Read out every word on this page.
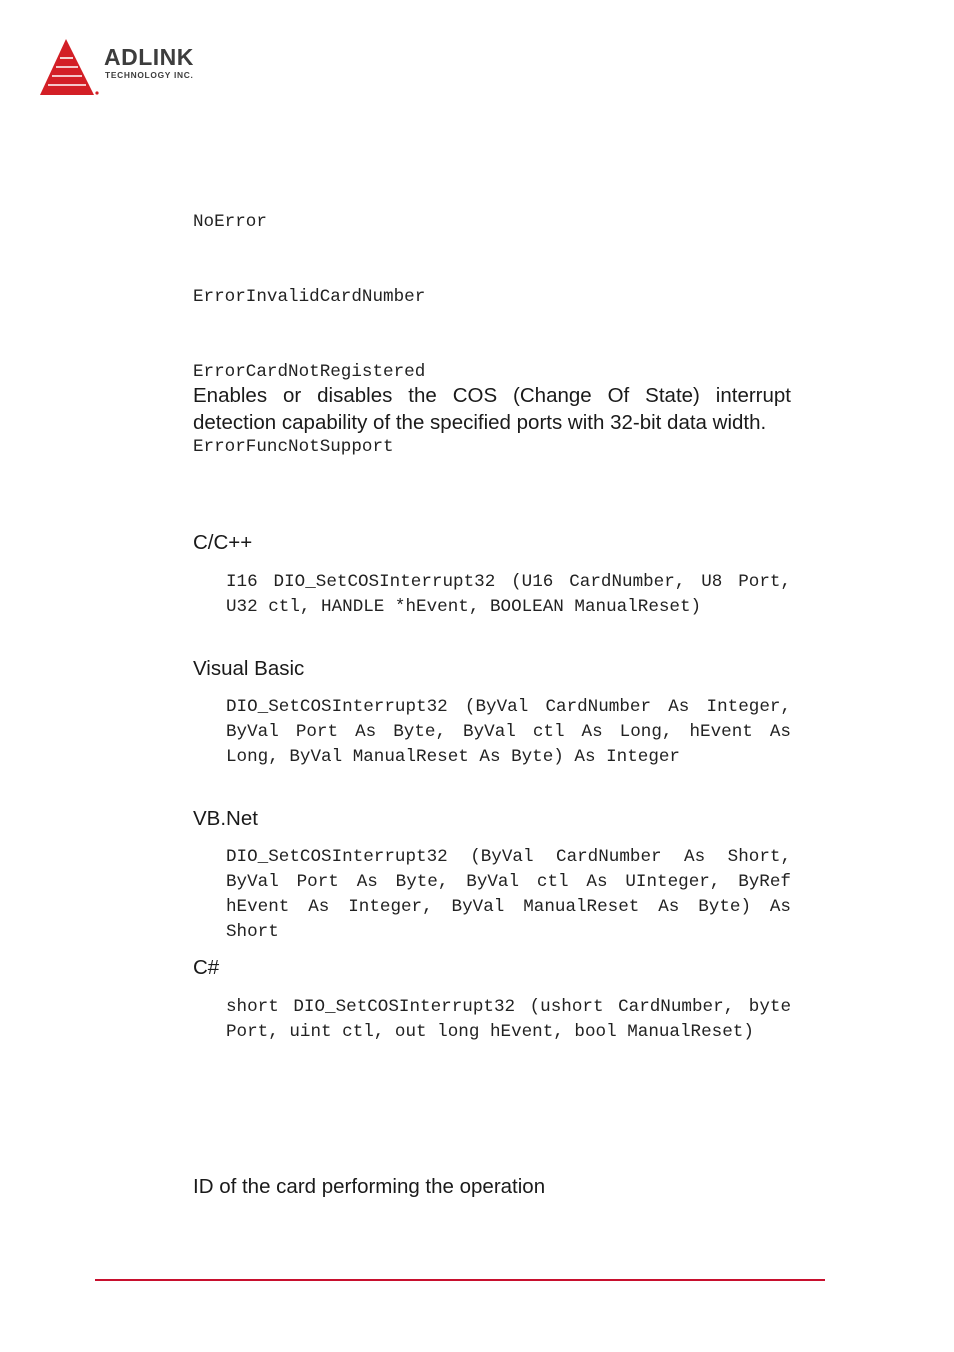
ADLINK
TECHNOLOGY INC.

NoError

ErrorInvalidCardNumber

ErrorCardNotRegistered

ErrorFuncNotSupport

Enables or disables the COS (Change Of State) interrupt detection capability of the specified ports with 32-bit data width.

C/C++

I16 DIO_SetCOSInterrupt32 (U16 CardNumber, U8 Port, U32 ctl, HANDLE *hEvent, BOOLEAN ManualReset)

Visual Basic

DIO_SetCOSInterrupt32 (ByVal CardNumber As Integer, ByVal Port As Byte, ByVal ctl As Long, hEvent As Long, ByVal ManualReset As Byte) As Integer

VB.Net

DIO_SetCOSInterrupt32 (ByVal CardNumber As Short, ByVal Port As Byte, ByVal ctl As UInteger, ByRef hEvent As Integer, ByVal ManualReset As Byte) As Short

C#

short DIO_SetCOSInterrupt32 (ushort CardNumber, byte Port, uint ctl, out long hEvent, bool ManualReset)

ID of the card performing the operation
